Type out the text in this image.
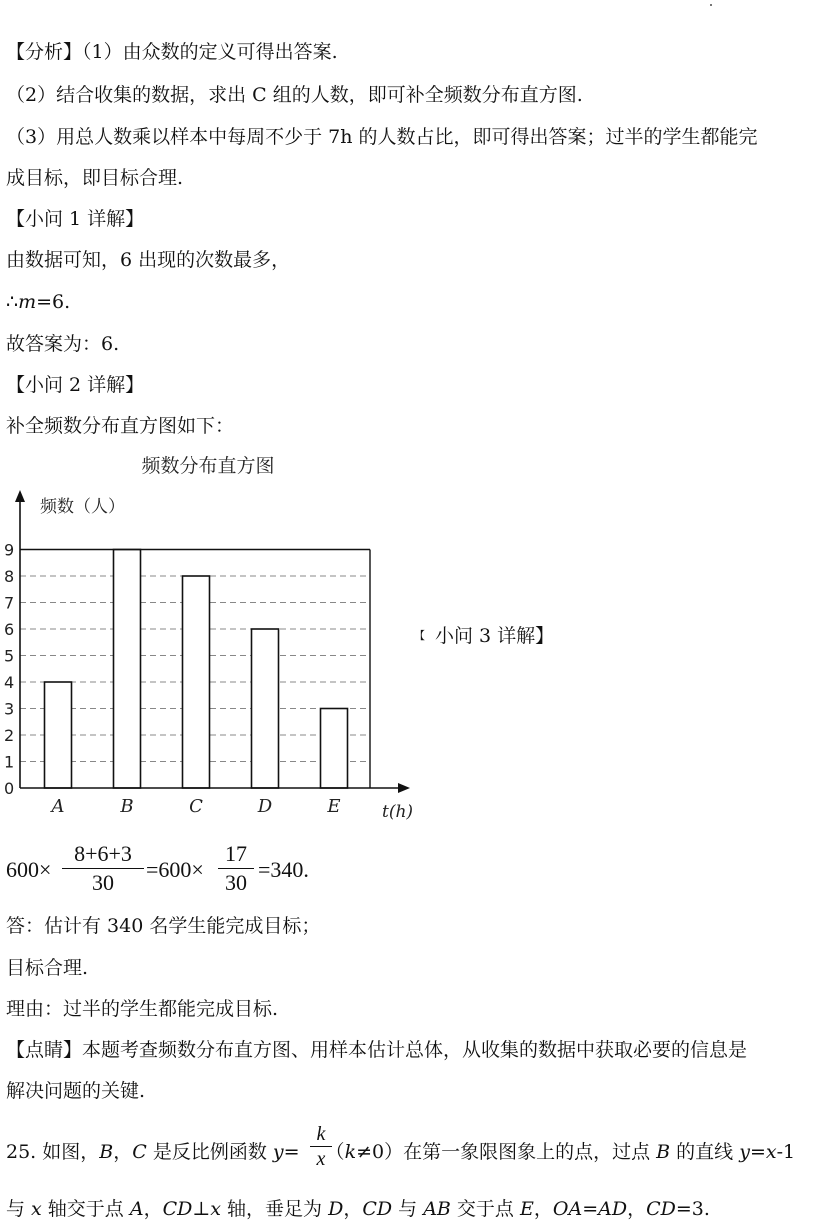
【分析】（1）由众数的定义可得出答案.
（2）结合收集的数据，求出 C 组的人数，即可补全频数分布直方图.
（3）用总人数乘以样本中每周不少于 7h 的人数占比，即可得出答案；过半的学生都能完
成目标，即目标合理.
【小问 1 详解】
由数据可知，6 出现的次数最多，
∴m=6.
故答案为：6.
【小问 2 详解】
补全频数分布直方图如下：
频数分布直方图
频数（人）
0
1
2
3
4
5
6
7
8
9
A	B	C	D	E t(h)
【 小问 3 详解】
600×
8+6+3
30
=600×
17
30
=340.
答：估计有 340 名学生能完成目标；
目标合理.
理由：过半的学生都能完成目标.
【点睛】本题考查频数分布直方图、用样本估计总体，从收集的数据中获取必要的信息是
解决问题的关键.
25. 如图，B，C 是反比例函数 y= （k≠0）在第一象限图象上的点，过点 B 的直线 y=x-1
k
x
与 x 轴交于点 A，CD⊥x 轴，垂足为 D，CD 与 AB 交于点 E，OA=AD，CD=3.
